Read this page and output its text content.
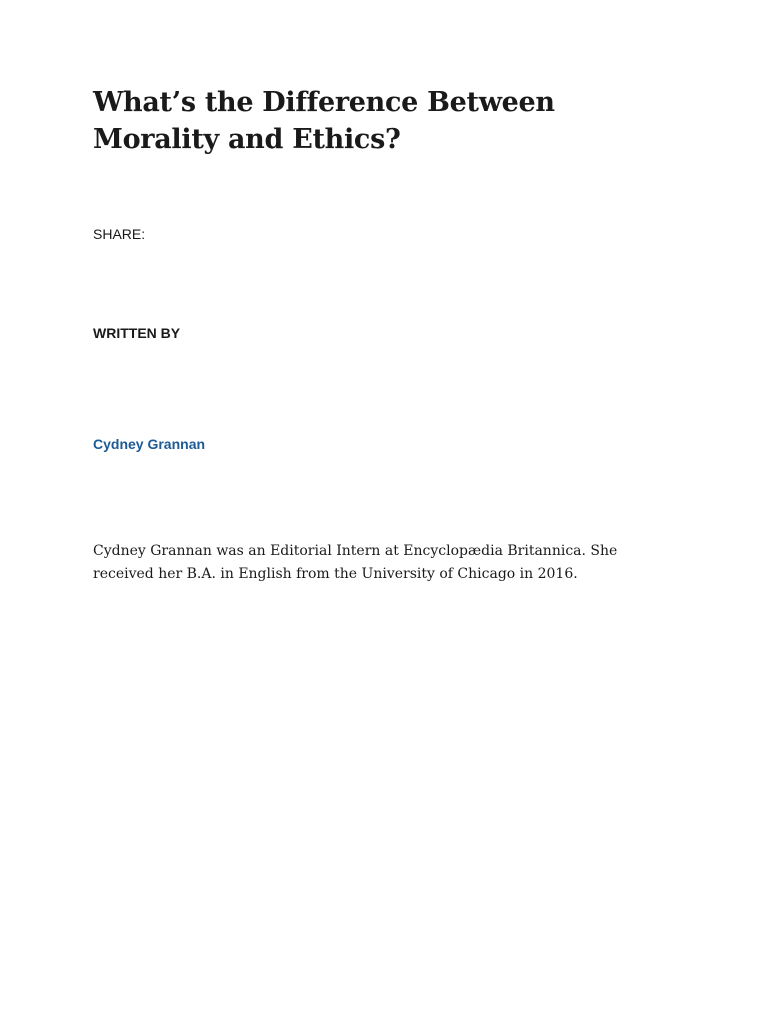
What’s the Difference Between Morality and Ethics?
SHARE:
WRITTEN BY
Cydney Grannan

Cydney Grannan was an Editorial Intern at Encyclopædia Britannica. She received her B.A. in English from the University of Chicago in 2016.
